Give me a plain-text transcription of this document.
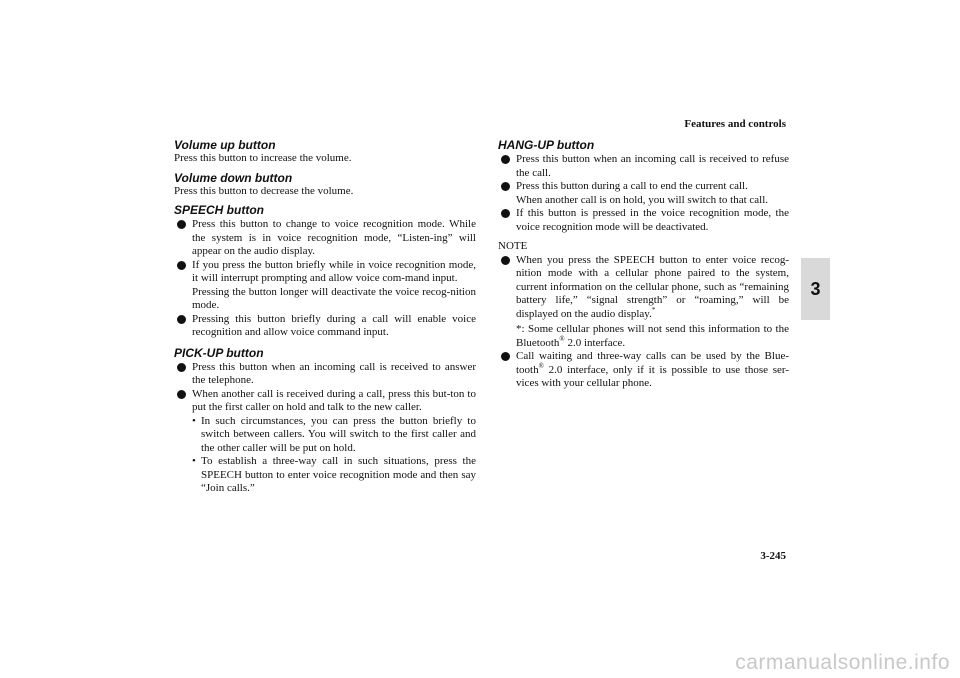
Features and controls
3
Volume up button
Press this button to increase the volume.
Volume down button
Press this button to decrease the volume.
SPEECH button
Press this button to change to voice recognition mode. While the system is in voice recognition mode, “Listen-ing” will appear on the audio display.
If you press the button briefly while in voice recognition mode, it will interrupt prompting and allow voice com-mand input.
Pressing the button longer will deactivate the voice recog-nition mode.
Pressing this button briefly during a call will enable voice recognition and allow voice command input.
PICK-UP button
Press this button when an incoming call is received to answer the telephone.
When another call is received during a call, press this but-ton to put the first caller on hold and talk to the new caller.
• In such circumstances, you can press the button briefly to switch between callers. You will switch to the first caller and the other caller will be put on hold.
• To establish a three-way call in such situations, press the SPEECH button to enter voice recognition mode and then say “Join calls.”
HANG-UP button
Press this button when an incoming call is received to refuse the call.
Press this button during a call to end the current call.
When another call is on hold, you will switch to that call.
If this button is pressed in the voice recognition mode, the voice recognition mode will be deactivated.
NOTE
When you press the SPEECH button to enter voice recog-nition mode with a cellular phone paired to the system, current information on the cellular phone, such as “remaining battery life,” “signal strength” or “roaming,” will be displayed on the audio display.*
*: Some cellular phones will not send this information to the Bluetooth® 2.0 interface.
Call waiting and three-way calls can be used by the Blue-tooth® 2.0 interface, only if it is possible to use those ser-vices with your cellular phone.
3-245
carmanualsonline.info
